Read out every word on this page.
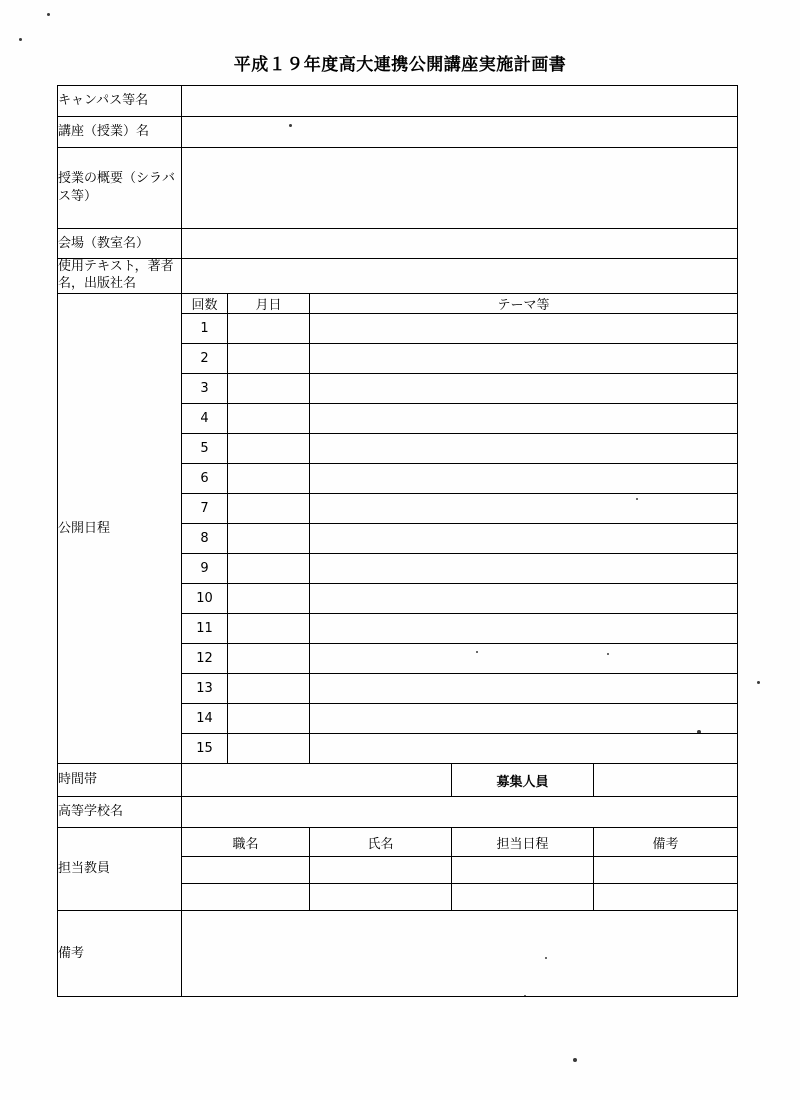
平成１９年度高大連携公開講座実施計画書
キャンパス等名					
講座（授業）名					
授業の概要（シラバス等）					
会場（教室名）					
使用テキスト，著者名，出版社名					
公開日程	回数	月日	テーマ等		
	1				
	2				
	3				
	4				
	5				
	6				
	7				
	8				
	9				
	10				
	11				
	12				
	13				
	14				
	15				
時間帯				募集人員	
高等学校名					
担当教員	職名		氏名	担当日程	備考

備考					
